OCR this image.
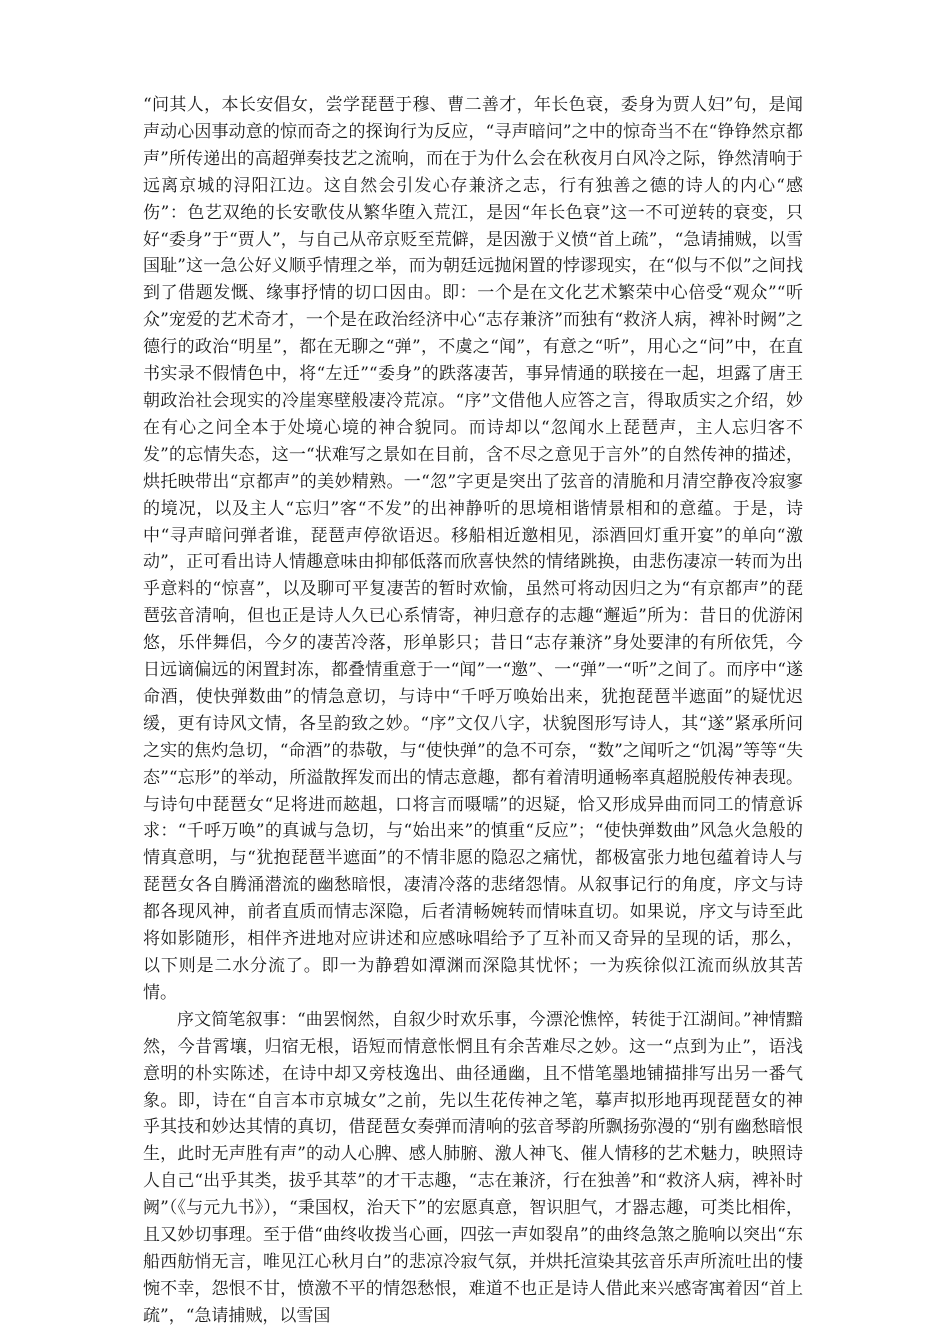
“问其人，本长安倡女，尝学琵琶于穆、曹二善才，年长色衰，委身为贾人妇”句，是闻声动心因事动意的惊而奇之的探询行为反应，“寻声暗问”之中的惊奇当不在“铮铮然京都声”所传递出的高超弹奏技艺之流响，而在于为什么会在秋夜月白风冷之际，铮然清响于远离京城的浔阳江边。这自然会引发心存兼济之志，行有独善之德的诗人的内心“感伤”：色艺双绝的长安歌伎从繁华堕入荒江，是因“年长色衰”这一不可逆转的衰变，只好“委身”于“贾人”，与自己从帝京贬至荒僻，是因激于义愤“首上疏”，“急请捕贼，以雪国耻”这一急公好义顺乎情理之举，而为朝廷远抛闲置的悖谬现实，在“似与不似”之间找到了借题发慨、缘事抒情的切口因由。即：一个是在文化艺术繁荣中心倍受“观众”“听众”宠爱的艺术奇才，一个是在政治经济中心“志存兼济”而独有“救济人病，裨补时阙”之德行的政治“明星”，都在无聊之“弹”，不虞之“闻”，有意之“听”，用心之“问”中，在直书实录不假情色中，将“左迁”“委身”的跌落凄苦，事异情通的联接在一起，坦露了唐王朝政治社会现实的冷崖寒壁般凄冷荒凉。“序”文借他人应答之言，得取质实之介绍，妙在有心之问全本于处境心境的神合貌同。而诗却以“忽闻水上琵琶声，主人忘归客不发”的忘情失态，这一“状难写之景如在目前，含不尽之意见于言外”的自然传神的描述，烘托映带出“京都声”的美妙精熟。一“忽”字更是突出了弦音的清脆和月清空静夜冷寂寥的境况，以及主人“忘归”客“不发”的出神静听的思境相谐情景相和的意蕴。于是，诗中“寻声暗问弹者谁，琵琶声停欲语迟。移船相近邀相见，添酒回灯重开宴”的单向“激动”，正可看出诗人情趣意味由抑郁低落而欣喜快然的情绪跳换，由悲伤凄凉一转而为出乎意料的“惊喜”，以及聊可平复凄苦的暂时欢愉，虽然可将动因归之为“有京都声”的琵琶弦音清响，但也正是诗人久已心系情寄，神归意存的志趣“邂逅”所为：昔日的优游闲悠，乐伴舞侣，今夕的凄苦冷落，形单影只；昔日“志存兼济”身处要津的有所依凭，今日远谪偏远的闲置封冻，都叠情重意于一“闻”一“邀”、一“弹”一“听”之间了。而序中“遂命酒，使快弹数曲”的情急意切，与诗中“千呼万唤始出来，犹抱琵琶半遮面”的疑忧迟缓，更有诗风文情，各呈韵致之妙。“序”文仅八字，状貌图形写诗人，其“遂”紧承所问之实的焦灼急切，“命酒”的恭敬，与“使快弹”的急不可奈，“数”之闻听之“饥渴”等等“失态”“忘形”的举动，所溢散挥发而出的情志意趣，都有着清明通畅率真超脱般传神表现。与诗句中琵琶女“足将进而趑趄，口将言而嗫嚅”的迟疑，恰又形成异曲而同工的情意诉求：“千呼万唤”的真诚与急切，与“始出来”的慎重“反应”；“使快弹数曲”风急火急般的情真意明，与“犹抱琵琶半遮面”的不情非愿的隐忍之痛忧，都极富张力地包蕴着诗人与琵琶女各自腾涌潜流的幽愁暗恨，凄清冷落的悲绪怨情。从叙事记行的角度，序文与诗都各现风神，前者直质而情志深隐，后者清畅婉转而情味直切。如果说，序文与诗至此将如影随形，相伴齐进地对应讲述和应感咏唱给予了互补而又奇异的呈现的话，那么，以下则是二水分流了。即一为静碧如潭渊而深隐其忧怀；一为疾徐似江流而纵放其苦情。

序文简笔叙事：“曲罢悯然，自叙少时欢乐事，今漂沦憔悴，转徙于江湖间。”神情黯然，今昔霄壤，归宿无根，语短而情意怅惘且有余苦难尽之妙。这一“点到为止”，语浅意明的朴实陈述，在诗中却又旁枝逸出、曲径通幽，且不惜笔墨地铺描排写出另一番气象。即，诗在“自言本市京城女”之前，先以生花传神之笔，摹声拟形地再现琵琶女的神乎其技和妙达其情的真切，借琵琶女奏弹而清响的弦音琴韵所飘扬弥漫的“别有幽愁暗恨生，此时无声胜有声”的动人心脾、感人肺腑、激人神飞、催人情移的艺术魅力，映照诗人自己“出乎其类，拔乎其萃”的才干志趣，“志在兼济，行在独善”和“救济人病，裨补时阙”（《与元九书》），“秉国权，治天下”的宏愿真意，智识胆气，才器志趣，可类比相侔，且又妙切事理。至于借“曲终收拨当心画，四弦一声如裂帛”的曲终急煞之脆响以突出“东船西舫悄无言，唯见江心秋月白”的悲凉冷寂气氛，并烘托渲染其弦音乐声所流吐出的悽惋不幸，怨恨不甘，愤激不平的情怨愁恨，难道不也正是诗人借此来兴感寄寓着因“首上疏”，“急请捕贼，以雪国
